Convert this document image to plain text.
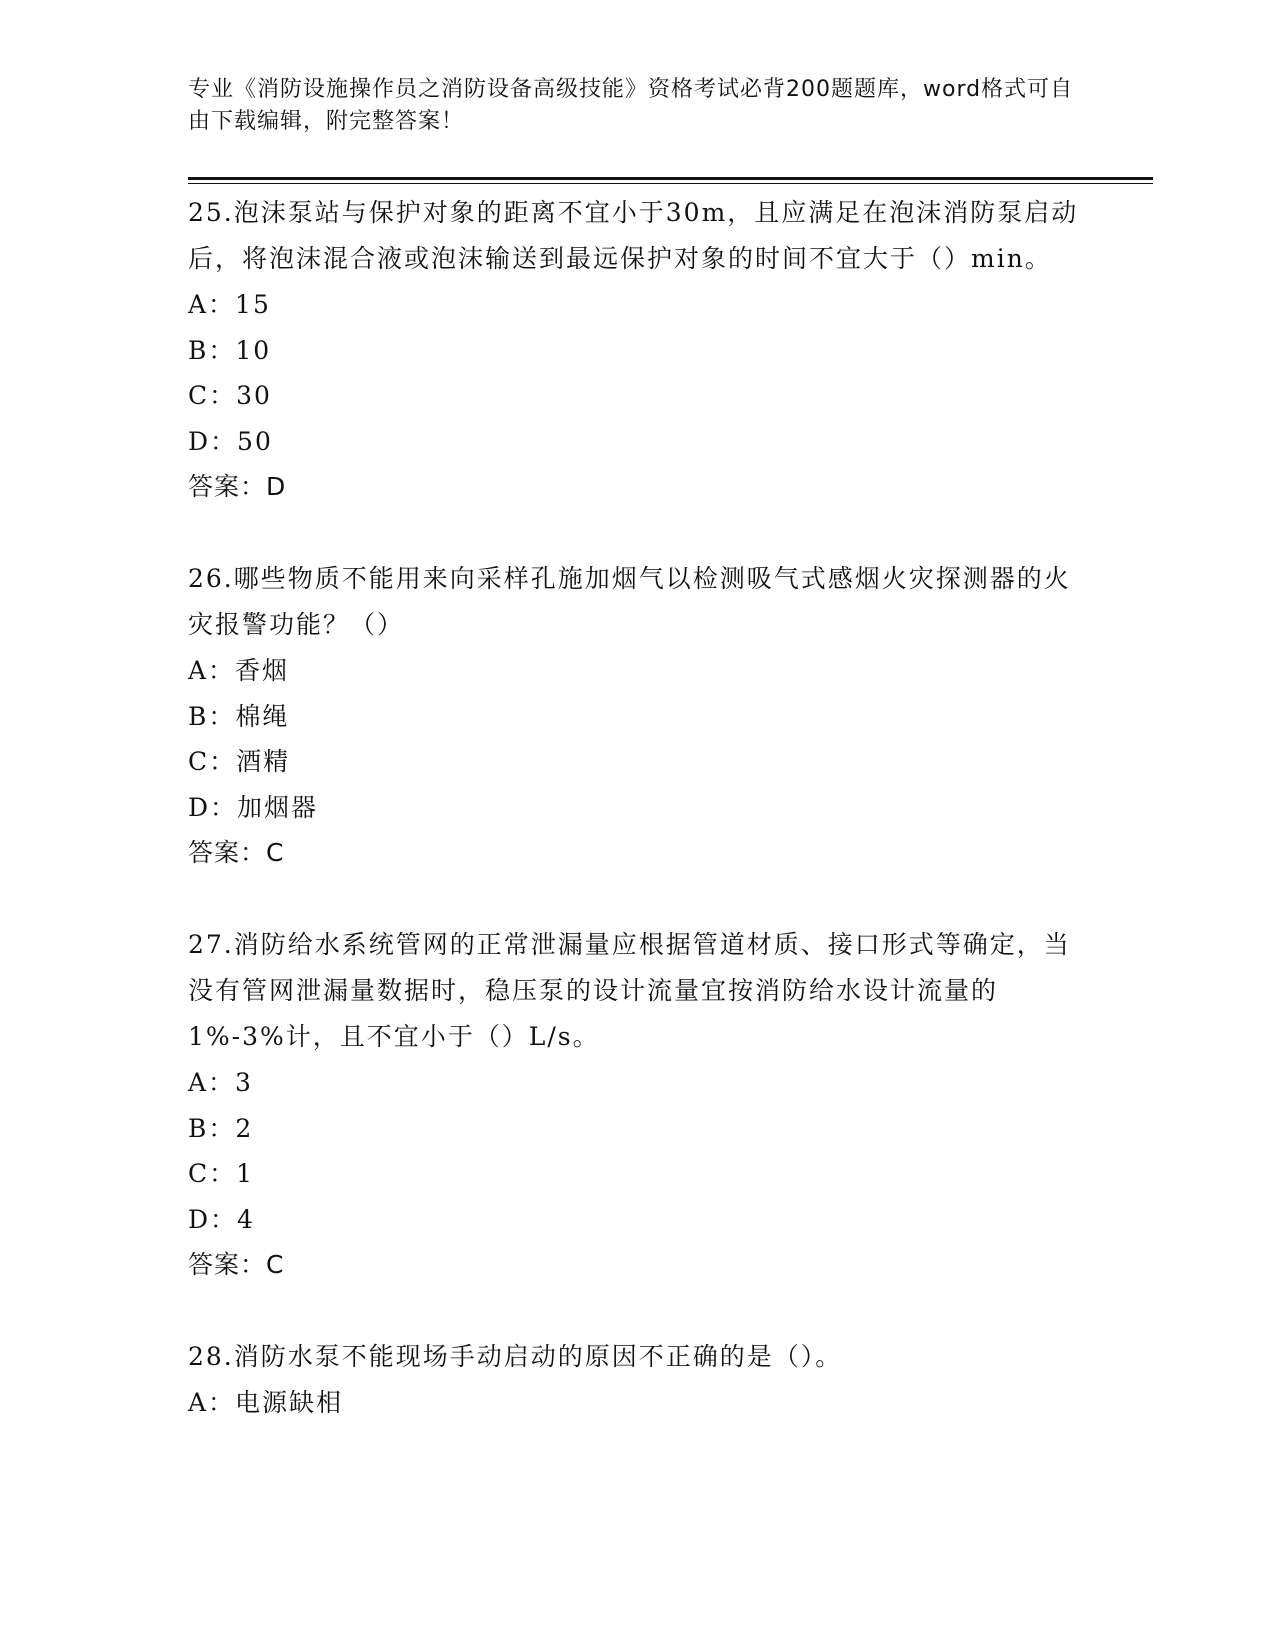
专业《消防设施操作员之消防设备高级技能》资格考试必背200题题库，word格式可自由下载编辑，附完整答案！

25.泡沫泵站与保护对象的距离不宜小于30m，且应满足在泡沫消防泵启动后，将泡沫混合液或泡沫输送到最远保护对象的时间不宜大于（）min。

A：15

B：10

C：30

D：50

答案：D

26.哪些物质不能用来向采样孔施加烟气以检测吸气式感烟火灾探测器的火灾报警功能？（）

A：香烟

B：棉绳

C：酒精

D：加烟器

答案：C

27.消防给水系统管网的正常泄漏量应根据管道材质、接口形式等确定，当没有管网泄漏量数据时，稳压泵的设计流量宜按消防给水设计流量的1%-3%计，且不宜小于（）L/s。

A：3

B：2

C：1

D：4

答案：C

28.消防水泵不能现场手动启动的原因不正确的是（）。

A：电源缺相
